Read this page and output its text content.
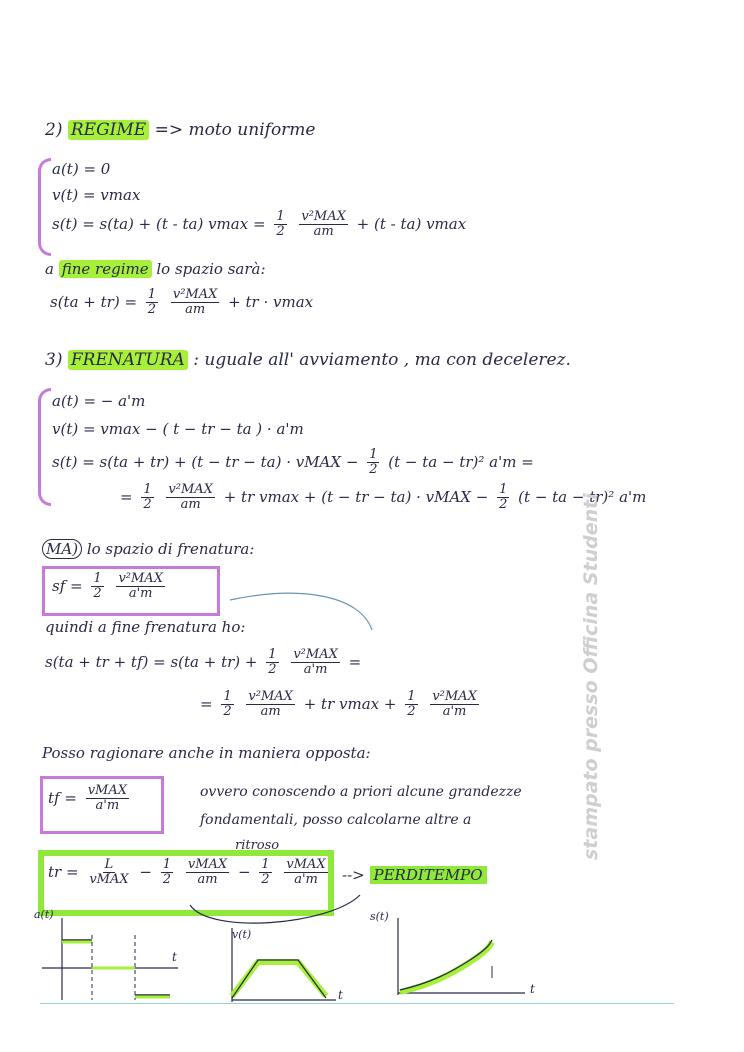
2) REGIME => moto uniforme
a(t) = 0
v(t) = vmax
s(t) = s(ta) + (t - ta) $vmax = \frac{1}{2}$
$\frac{\text{v²MAX}}{am} + (t - ta)$ vmax
a fine regime lo spazio sarà:
$s(ta + tr) = \frac{1}{2}$
$\frac{\text{v²MAX}}{am}$ + tr · vmax
3) FRENATURA : uguale all' avviamento , ma con decelerez.
a(t) = − a'm
v(t) = vmax − ( t − tr − ta ) · a'm
s(t) = s(ta + tr) + (t − tr − ta) · vMAX − $\frac{1}{2} (t$ − ta − tr)² a'm =
= $\frac{1}{2}$
$\frac{\text{v²MAX}}{am}$ + tr vmax + (t − tr − ta) · vMAX − $\frac{1}{2} (t$ − ta − tr)² a'm
MA) lo spazio di frenatura:
sf = $\frac{1}{2}$
$\frac{\text{v²MAX}}{a'm}$
quindi a fine frenatura ho:
s(ta + tr + $tf) = s(ta + tr) + \frac{1}{2}$
$\frac{\text{v²MAX}}{a'm}$ =
= $\frac{1}{2}$
$\frac{\text{v²MAX}}{am}$ + tr $vmax + \frac{1}{2}$
$\frac{\text{v²MAX}}{a'm}$
Posso ragionare anche in maniera opposta:
tf = $\frac{\text{vMAX}}{a'm}$	ovvero conoscendo a priori alcune grandezze
fondamentali, posso calcolarne altre a
ritroso
tr = $\frac{L}{\text{vMAX}} - \frac{1}{2}$
$\frac{\text{vMAX}}{am} - \frac{1}{2}$
$\frac{\text{vMAX}}{a'm}$ --> PERDITEMPO
a(t)
v(t)
s(t)
t
t	t
stampato presso Officina Studenti
